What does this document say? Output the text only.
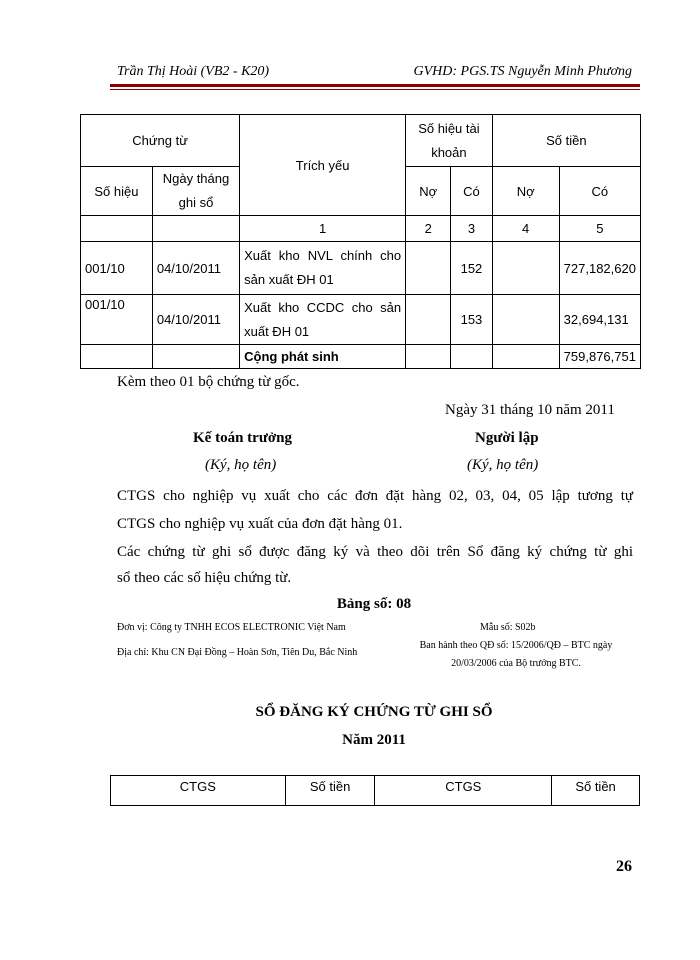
Trần Thị Hoài (VB2 - K20)	GVHD: PGS.TS Nguyễn Minh Phương
Chứng từ		Trích yếu	Số hiệu tài khoản		Số tiền	
Số hiệu	Ngày tháng ghi sổ		Nợ	Có	Nợ	Có
		1	2	3	4	5
001/10	04/10/2011	Xuất kho NVL chính cho sản xuất ĐH 01		152		727,182,620
001/10	04/10/2011	Xuất kho CCDC cho sản xuất ĐH 01		153		32,694,131
		Cộng phát sinh				759,876,751
Kèm theo 01 bộ chứng từ gốc.
Ngày 31 tháng 10 năm 2011
Kế toán trưởng
(Ký, họ tên)
Người lập
(Ký, họ tên)
CTGS cho nghiệp vụ xuất cho các đơn đặt hàng 02, 03, 04, 05 lập tương tự
CTGS cho nghiệp vụ xuất của đơn đặt hàng 01.
Các chứng từ ghi sổ được đăng ký và theo dõi trên Sổ đăng ký chứng từ ghi
sổ theo các số hiệu chứng từ.
Bảng số: 08
Đơn vị: Công ty TNHH ECOS ELECTRONIC Việt Nam
Địa chỉ: Khu CN Đại Đồng – Hoàn Sơn, Tiên Du, Bắc Ninh
Mẫu số: S02b
Ban hành theo QĐ số: 15/2006/QĐ – BTC ngày
20/03/2006 của Bộ trưởng BTC.
SỔ ĐĂNG KÝ CHỨNG TỪ GHI SỔ
Năm 2011
CTGS	Số tiền	CTGS	Số tiền
26
